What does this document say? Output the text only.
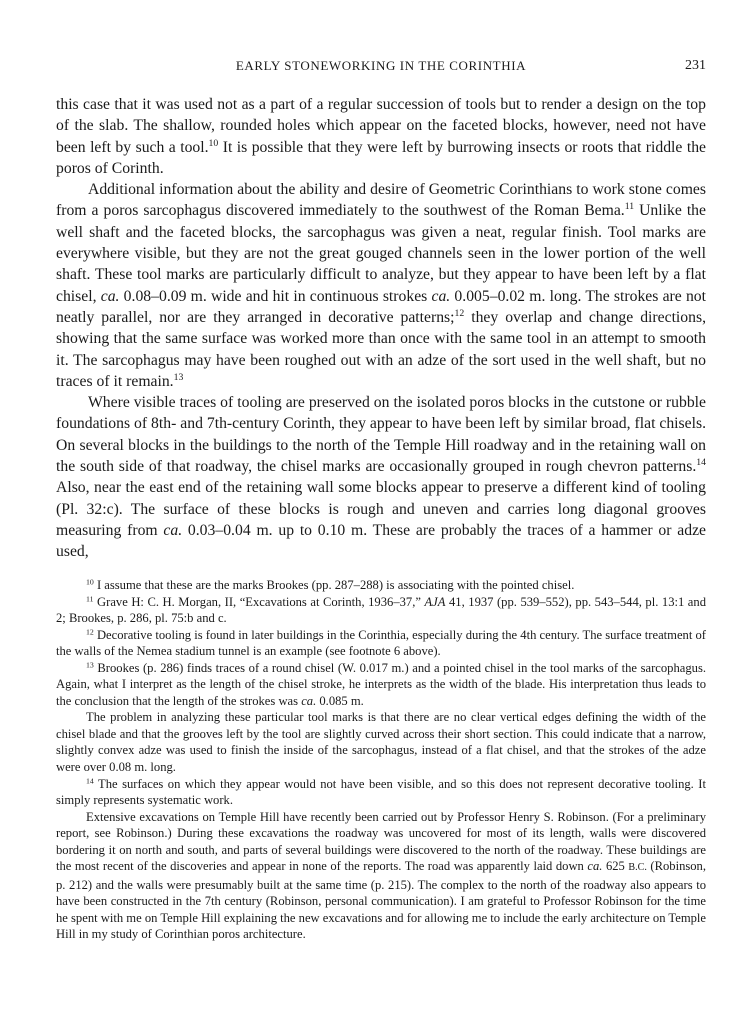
EARLY STONEWORKING IN THE CORINTHIA	231

this case that it was used not as a part of a regular succession of tools but to render a design on the top of the slab. The shallow, rounded holes which appear on the faceted blocks, however, need not have been left by such a tool.$^{10}$ It is possible that they were left by burrowing insects or roots that riddle the poros of Corinth.

Additional information about the ability and desire of Geometric Corinthians to work stone comes from a poros sarcophagus discovered immediately to the southwest of the Roman Bema.$^{11}$ Unlike the well shaft and the faceted blocks, the sarcophagus was given a neat, regular finish. Tool marks are everywhere visible, but they are not the great gouged channels seen in the lower portion of the well shaft. These tool marks are particularly difficult to analyze, but they appear to have been left by a flat chisel, ca. 0.08–0.09 m. wide and hit in continuous strokes ca. 0.005–0.02 m. long. The strokes are not neatly parallel, nor are they arranged in decorative patterns;$^{12}$ they overlap and change directions, showing that the same surface was worked more than once with the same tool in an attempt to smooth it. The sarcophagus may have been roughed out with an adze of the sort used in the well shaft, but no traces of it remain.$^{13}$

Where visible traces of tooling are preserved on the isolated poros blocks in the cutstone or rubble foundations of 8th- and 7th-century Corinth, they appear to have been left by similar broad, flat chisels. On several blocks in the buildings to the north of the Temple Hill roadway and in the retaining wall on the south side of that roadway, the chisel marks are occasionally grouped in rough chevron patterns.$^{14}$ Also, near the east end of the retaining wall some blocks appear to preserve a different kind of tooling (Pl. 32:c). The surface of these blocks is rough and uneven and carries long diagonal grooves measuring from ca. 0.03–0.04 m. up to 0.10 m. These are probably the traces of a hammer or adze used,

$^{10}$ I assume that these are the marks Brookes (pp. 287–288) is associating with the pointed chisel.

$^{11}$ Grave H: C. H. Morgan, II, “Excavations at Corinth, 1936–37,” AJA 41, 1937 (pp. 539–552), pp. 543–544, pl. 13:1 and 2; Brookes, p. 286, pl. 75:b and c.

$^{12}$ Decorative tooling is found in later buildings in the Corinthia, especially during the 4th century. The surface treatment of the walls of the Nemea stadium tunnel is an example (see footnote 6 above).

$^{13}$ Brookes (p. 286) finds traces of a round chisel (W. 0.017 m.) and a pointed chisel in the tool marks of the sarcophagus. Again, what I interpret as the length of the chisel stroke, he interprets as the width of the blade. His interpretation thus leads to the conclusion that the length of the strokes was ca. 0.085 m.

The problem in analyzing these particular tool marks is that there are no clear vertical edges defining the width of the chisel blade and that the grooves left by the tool are slightly curved across their short section. This could indicate that a narrow, slightly convex adze was used to finish the inside of the sarcophagus, instead of a flat chisel, and that the strokes of the adze were over 0.08 m. long.

$^{14}$ The surfaces on which they appear would not have been visible, and so this does not represent decorative tooling. It simply represents systematic work.

Extensive excavations on Temple Hill have recently been carried out by Professor Henry S. Robinson. (For a preliminary report, see Robinson.) During these excavations the roadway was uncovered for most of its length, walls were discovered bordering it on north and south, and parts of several buildings were discovered to the north of the roadway. These buildings are the most recent of the discoveries and appear in none of the reports. The road was apparently laid down ca. 625 B.C. (Robinson, p. 212) and the walls were presumably built at the same time (p. 215). The complex to the north of the roadway also appears to have been constructed in the 7th century (Robinson, personal communication). I am grateful to Professor Robinson for the time he spent with me on Temple Hill explaining the new excavations and for allowing me to include the early architecture on Temple Hill in my study of Corinthian poros architecture.
